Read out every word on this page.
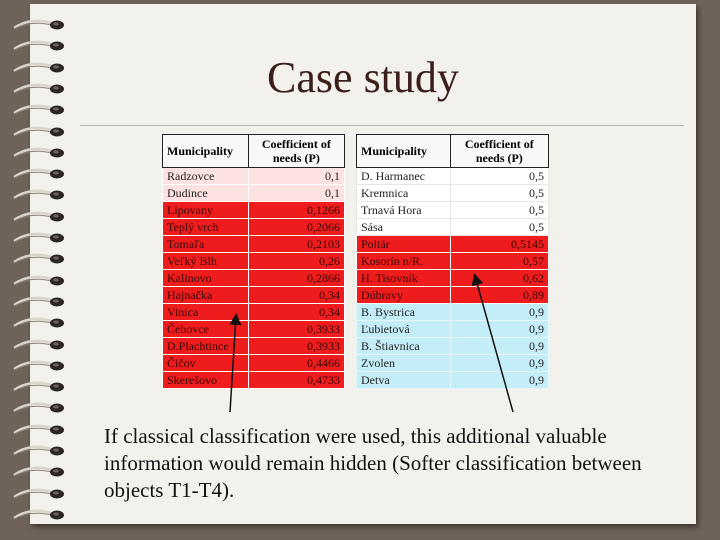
Case study
Municipality	Coefficient of needs (P)
Radzovce	0,1
Dudince	0,1
Lipovany	0,1266
Teplý vrch	0,2066
Tomaľa	0,2103
Veľký Blh	0,26
Kalinovo	0,2866
Hajnačka	0,34
Vinica	0,34
Čebovce	0,3933
D.Plachtince	0,3933
Čičov	0,4466
Skerešovo	0,4733
Municipality	Coefficient of needs (P)
D. Harmanec	0,5
Kremnica	0,5
Trnavá Hora	0,5
Sása	0,5
Poltár	0,5145
Kosorín n/R.	0,57
H. Tisovník	0,62
Dúbravy	0,89
B. Bystrica	0,9
Ľubietová	0,9
B. Štiavnica	0,9
Zvolen	0,9
Detva	0,9
If classical classification were used, this additional valuable information would remain hidden (Softer classification between objects T1-T4).
